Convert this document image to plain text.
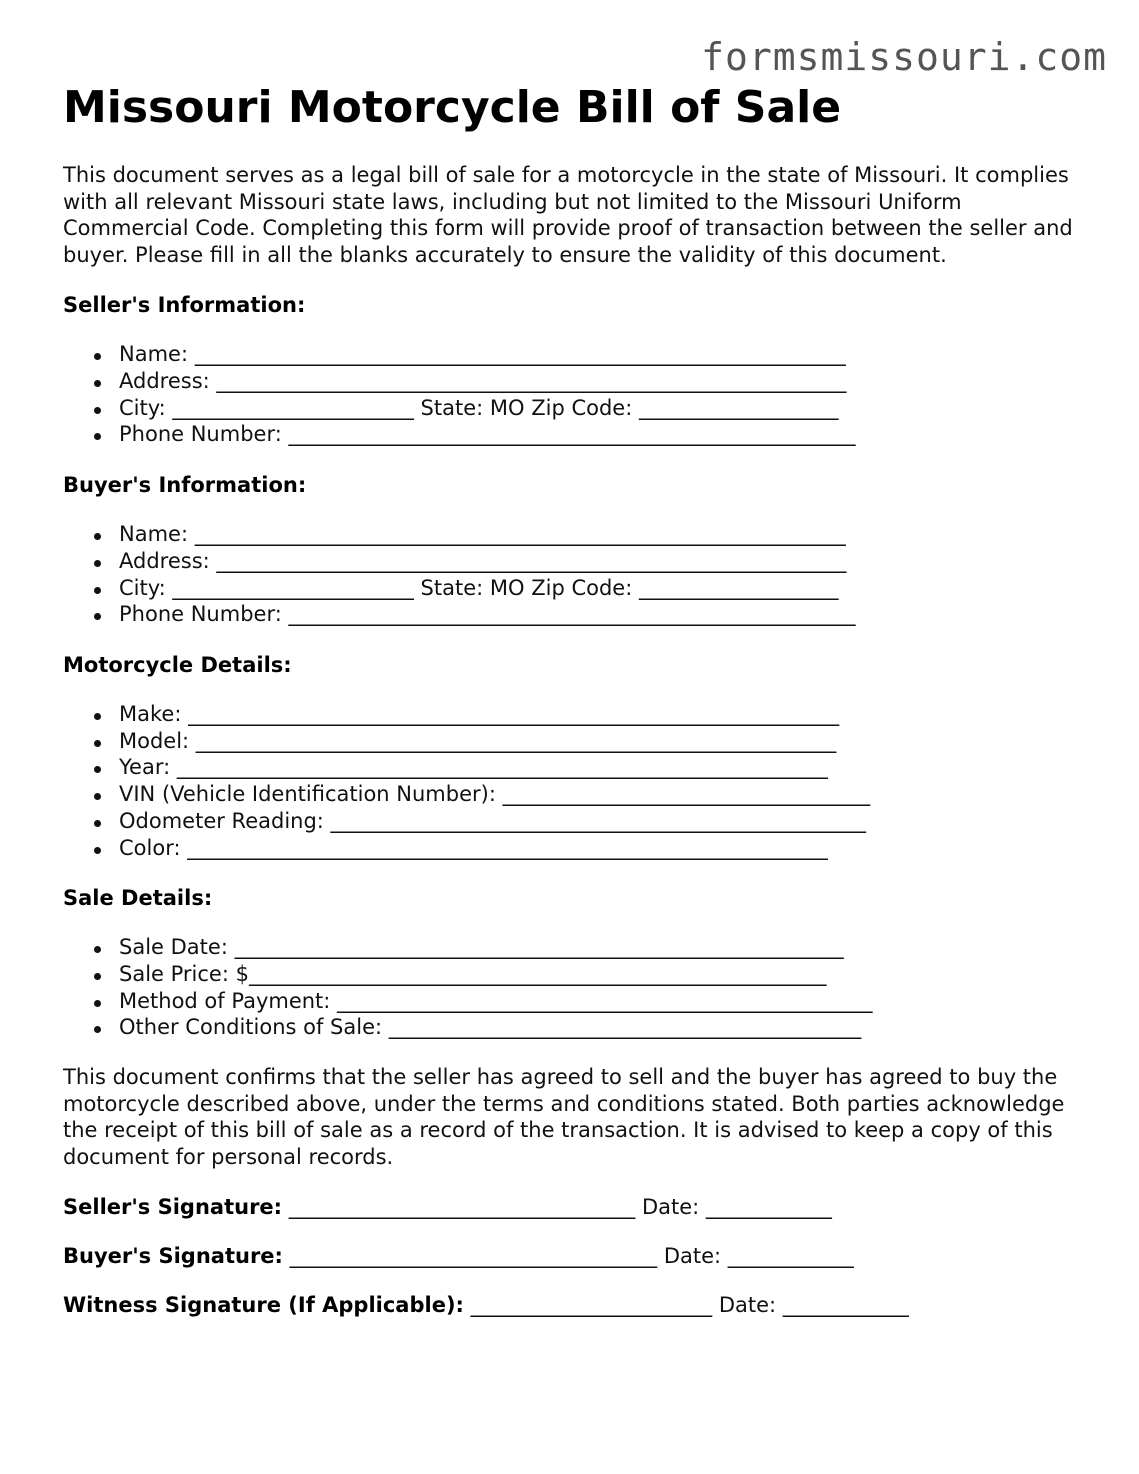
formsmissouri.com
Missouri Motorcycle Bill of Sale

This document serves as a legal bill of sale for a motorcycle in the state of Missouri. It complies with all relevant Missouri state laws, including but not limited to the Missouri Uniform Commercial Code. Completing this form will provide proof of transaction between the seller and buyer. Please fill in all the blanks accurately to ensure the validity of this document.

Seller's Information:
Name: ______________________________________________________________
Address: ____________________________________________________________
City: _______________________ State: MO Zip Code: ___________________
Phone Number: ______________________________________________________
Buyer's Information:
Name: ______________________________________________________________
Address: ____________________________________________________________
City: _______________________ State: MO Zip Code: ___________________
Phone Number: ______________________________________________________
Motorcycle Details:
Make: ______________________________________________________________
Model: _____________________________________________________________
Year: ______________________________________________________________
VIN (Vehicle Identification Number): ___________________________________
Odometer Reading: ___________________________________________________
Color: _____________________________________________________________
Sale Details:
Sale Date: __________________________________________________________
Sale Price: $_______________________________________________________
Method of Payment: ___________________________________________________
Other Conditions of Sale: _____________________________________________

This document confirms that the seller has agreed to sell and the buyer has agreed to buy the motorcycle described above, under the terms and conditions stated. Both parties acknowledge the receipt of this bill of sale as a record of the transaction. It is advised to keep a copy of this document for personal records.

Seller's Signature: _________________________________ Date: ____________

Buyer's Signature: ___________________________________ Date: ____________

Witness Signature (If Applicable): _______________________ Date: ____________
